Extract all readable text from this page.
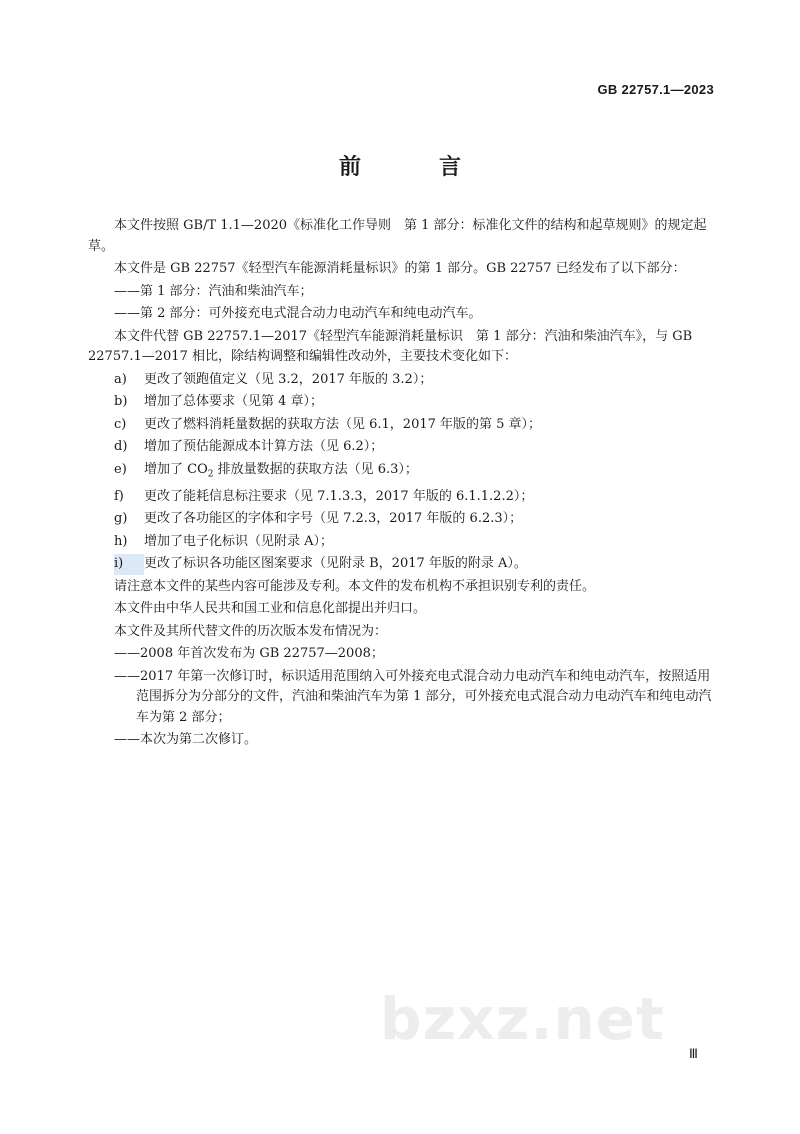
GB 22757.1—2023
前　言

本文件按照 GB/T 1.1—2020《标准化工作导则　第 1 部分：标准化文件的结构和起草规则》的规定起草。

本文件是 GB 22757《轻型汽车能源消耗量标识》的第 1 部分。GB 22757 已经发布了以下部分：

——第 1 部分：汽油和柴油汽车；

——第 2 部分：可外接充电式混合动力电动汽车和纯电动汽车。

本文件代替 GB 22757.1—2017《轻型汽车能源消耗量标识　第 1 部分：汽油和柴油汽车》，与 GB 22757.1—2017 相比，除结构调整和编辑性改动外，主要技术变化如下：

a)	更改了领跑值定义（见 3.2，2017 年版的 3.2）；
b)	增加了总体要求（见第 4 章）；
c)	更改了燃料消耗量数据的获取方法（见 6.1，2017 年版的第 5 章）；
d)	增加了预估能源成本计算方法（见 6.2）；
e)	增加了 $CO_2$ 排放量数据的获取方法（见 6.3）；
f)	更改了能耗信息标注要求（见 7.1.3.3，2017 年版的 6.1.1.2.2）；
g)	更改了各功能区的字体和字号（见 7.2.3，2017 年版的 6.2.3）；
h)	增加了电子化标识（见附录 A）；
i)	更改了标识各功能区图案要求（见附录 B，2017 年版的附录 A）。

请注意本文件的某些内容可能涉及专利。本文件的发布机构不承担识别专利的责任。

本文件由中华人民共和国工业和信息化部提出并归口。

本文件及其所代替文件的历次版本发布情况为：

——2008 年首次发布为 GB 22757—2008；

——2017 年第一次修订时，标识适用范围纳入可外接充电式混合动力电动汽车和纯电动汽车，按照适用范围拆分为分部分的文件，汽油和柴油汽车为第 1 部分，可外接充电式混合动力电动汽车和纯电动汽车为第 2 部分；

——本次为第二次修订。

bzxz.net
Ⅲ
